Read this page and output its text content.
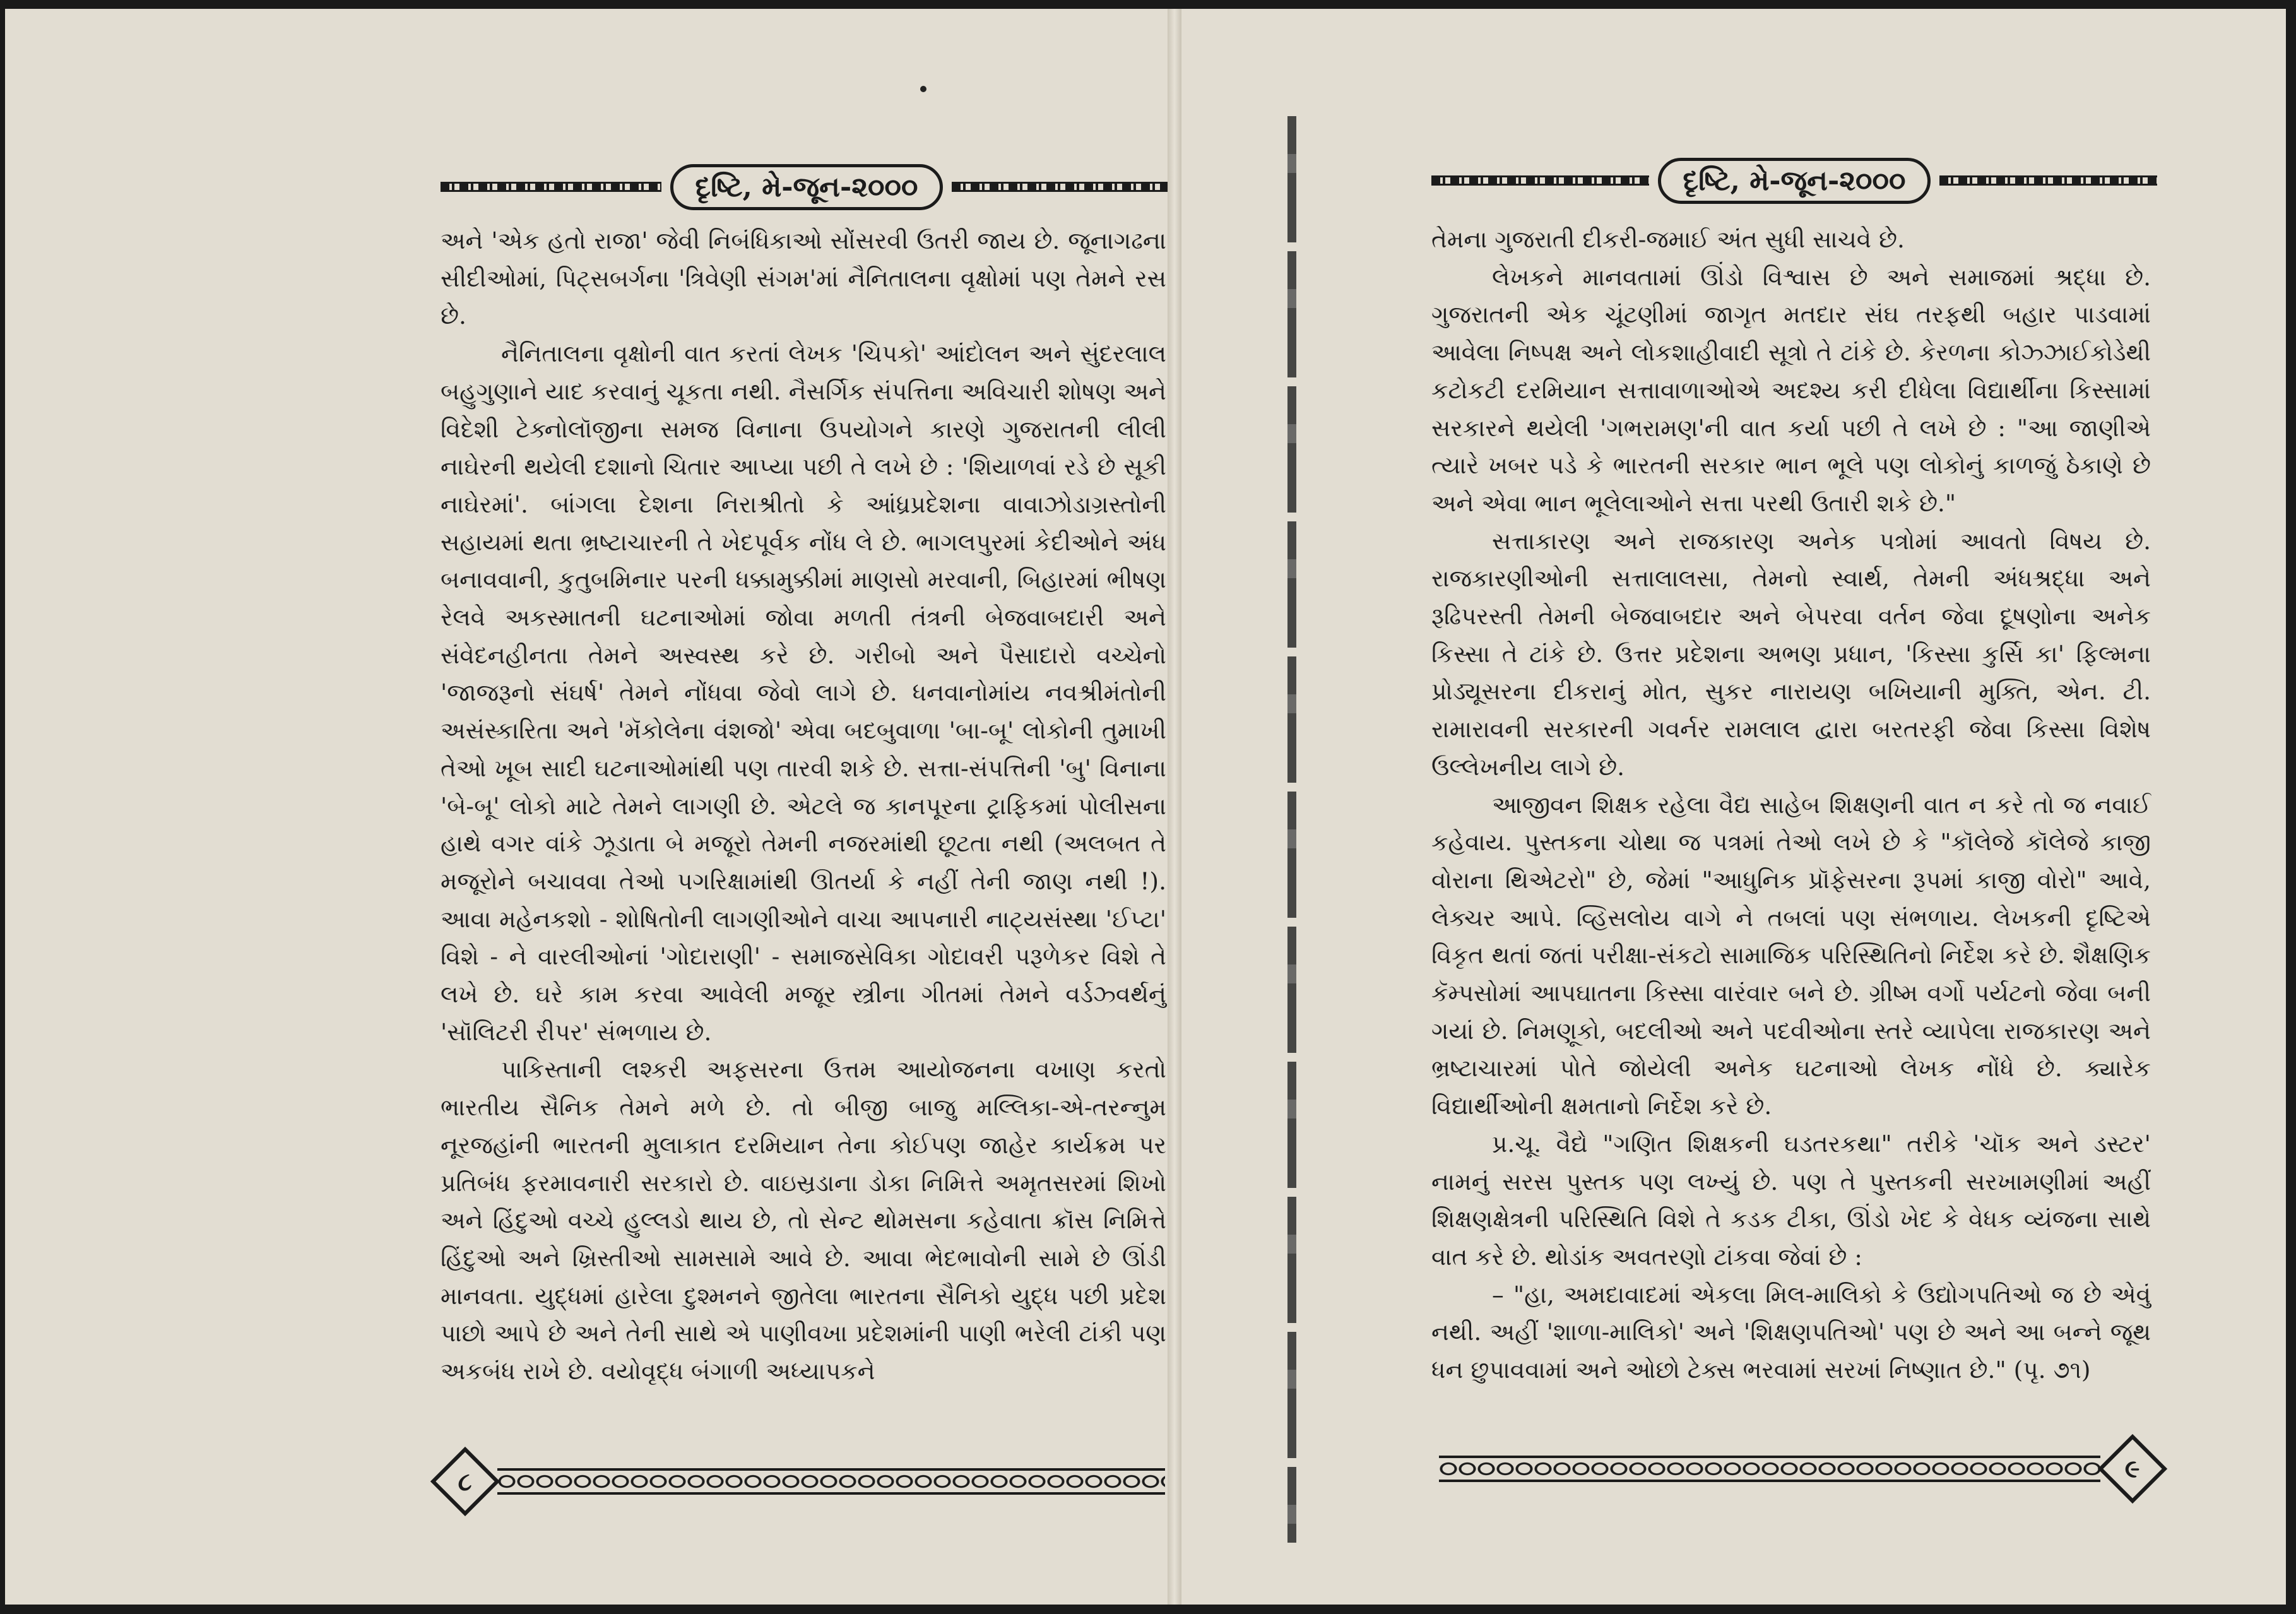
દૃષ્ટિ, મે-જૂન-૨૦૦૦

અને 'એક હતો રાજા' જેવી નિબંધિકાઓ સોંસરવી ઉતરી જાય છે. જૂનાગઢના સીદીઓમાં, પિટ્સબર્ગના 'ત્રિવેણી સંગમ'માં નૈનિતાલના વૃક્ષોમાં પણ તેમને રસ છે.

નૈનિતાલના વૃક્ષોની વાત કરતાં લેખક 'ચિપકો' આંદોલન અને સુંદરલાલ બહુગુણાને યાદ કરવાનું ચૂકતા નથી. નૈસર્ગિક સંપત્તિના અવિચારી શોષણ અને વિદેશી ટેક્નોલૉજીના સમજ વિનાના ઉપયોગને કારણે ગુજરાતની લીલી નાઘેરની થયેલી દશાનો ચિતાર આપ્યા પછી તે લખે છે : 'શિયાળવાં રડે છે સૂકી નાઘેરમાં'. બાંગલા દેશના નિરાશ્રીતો કે આંધ્રપ્રદેશના વાવાઝોડાગ્રસ્તોની સહાયમાં થતા ભ્રષ્ટાચારની તે ખેદપૂર્વક નોંધ લે છે. ભાગલપુરમાં કેદીઓને અંધ બનાવવાની, કુતુબમિનાર પરની ધક્કામુક્કીમાં માણસો મરવાની, બિહારમાં ભીષણ રેલવે અકસ્માતની ઘટનાઓમાં જોવા મળતી તંત્રની બેજવાબદારી અને સંવેદનહીનતા તેમને અસ્વસ્થ કરે છે. ગરીબો અને પૈસાદારો વચ્ચેનો 'જાજરૂનો સંઘર્ષ' તેમને નોંધવા જેવો લાગે છે. ધનવાનોમાંય નવશ્રીમંતોની અસંસ્કારિતા અને 'મૅકોલેના વંશજો' એવા બદબુવાળા 'બા-બૂ' લોકોની તુમાખી તેઓ ખૂબ સાદી ઘટનાઓમાંથી પણ તારવી શકે છે. સત્તા-સંપત્તિની 'બુ' વિનાના 'બે-બૂ' લોકો માટે તેમને લાગણી છે. એટલે જ કાનપૂરના ટ્રાફિકમાં પોલીસના હાથે વગર વાંકે ઝૂડાતા બે મજૂરો તેમની નજરમાંથી છૂટતા નથી (અલબત તે મજૂરોને બચાવવા તેઓ પગરિક્ષામાંથી ઊતર્યા કે નહીં તેની જાણ નથી !). આવા મહેનકશો - શોષિતોની લાગણીઓને વાચા આપનારી નાટ્યસંસ્થા 'ઈપ્ટા' વિશે - ને વારલીઓનાં 'ગોદારાણી' - સમાજસેવિકા ગોદાવરી પરૂળેકર વિશે તે લખે છે. ઘરે કામ કરવા આવેલી મજૂર સ્ત્રીના ગીતમાં તેમને વર્ડઝ્વર્થનું 'સૉલિટરી રીપર' સંભળાય છે.

પાકિસ્તાની લશ્કરી અફસરના ઉત્તમ આયોજનના વખાણ કરતો ભારતીય સૈનિક તેમને મળે છે. તો બીજી બાજુ મલ્લિકા-એ-તરન્નુમ નૂરજહાંની ભારતની મુલાકાત દરમિયાન તેના કોઈપણ જાહેર કાર્યક્રમ પર પ્રતિબંધ ફરમાવનારી સરકારો છે. વાઇસ્રડાના ડોકા નિમિત્તે અમૃતસરમાં શિખો અને હિંદુઓ વચ્ચે હુલ્લડો થાય છે, તો સેન્ટ થોમસના કહેવાતા ક્રૉસ નિમિત્તે હિંદુઓ અને ખ્રિસ્તીઓ સામસામે આવે છે. આવા ભેદભાવોની સામે છે ઊંડી માનવતા. યુદ્ધમાં હારેલા દુશ્મનને જીતેલા ભારતના સૈનિકો યુદ્ધ પછી પ્રદેશ પાછો આપે છે અને તેની સાથે એ પાણીવખા પ્રદેશમાંની પાણી ભરેલી ટાંકી પણ અકબંધ રાખે છે. વયોવૃદ્ધ બંગાળી અધ્યાપકને

૮
દૃષ્ટિ, મે-જૂન-૨૦૦૦

તેમના ગુજરાતી દીકરી-જમાઈ અંત સુધી સાચવે છે.

લેખકને માનવતામાં ઊંડો વિશ્વાસ છે અને સમાજમાં શ્રદ્ધા છે. ગુજરાતની એક ચૂંટણીમાં જાગૃત મતદાર સંઘ તરફથી બહાર પાડવામાં આવેલા નિષ્પક્ષ અને લોકશાહીવાદી સૂત્રો તે ટાંકે છે. કેરળના કોઝ્ઝાઈકોડેથી કટોકટી દરમિયાન સત્તાવાળાઓએ અદશ્ય કરી દીધેલા વિદ્યાર્થીના કિસ્સામાં સરકારને થયેલી 'ગભરામણ'ની વાત કર્યા પછી તે લખે છે : "આ જાણીએ ત્યારે ખબર પડે કે ભારતની સરકાર ભાન ભૂલે પણ લોકોનું કાળજું ઠેકાણે છે અને એવા ભાન ભૂલેલાઓને સત્તા પરથી ઉતારી શકે છે."

સત્તાકારણ અને રાજકારણ અનેક પત્રોમાં આવતો વિષય છે. રાજકારણીઓની સત્તાલાલસા, તેમનો સ્વાર્થ, તેમની અંધશ્રદ્ધા અને રૂઢિપરસ્તી તેમની બેજવાબદાર અને બેપરવા વર્તન જેવા દૂષણોના અનેક કિસ્સા તે ટાંકે છે. ઉત્તર પ્રદેશના અભણ પ્રધાન, 'કિસ્સા કુર્સિ કા' ફિલ્મના પ્રોડ્યૂસરના દીકરાનું મોત, સુકર નારાયણ બખિયાની મુક્તિ, એન. ટી. રામારાવની સરકારની ગવર્નર રામલાલ દ્વારા બરતરફી જેવા કિસ્સા વિશેષ ઉલ્લેખનીય લાગે છે.

આજીવન શિક્ષક રહેલા વૈદ્ય સાહેબ શિક્ષણની વાત ન કરે તો જ નવાઈ કહેવાય. પુસ્તકના ચોથા જ પત્રમાં તેઓ લખે છે કે "કૉલેજે કૉલેજે કાજી વોરાના થિએટરો" છે, જેમાં "આધુનિક પ્રૉફેસરના રૂપમાં કાજી વોરો" આવે, લેક્ચર આપે. વ્હિસલોય વાગે ને તબલાં પણ સંભળાય. લેખકની દૃષ્ટિએ વિકૃત થતાં જતાં પરીક્ષા-સંકટો સામાજિક પરિસ્થિતિનો નિર્દેશ કરે છે. શૈક્ષણિક કૅમ્પસોમાં આપઘાતના કિસ્સા વારંવાર બને છે. ગ્રીષ્મ વર્ગો પર્યટનો જેવા બની ગયાં છે. નિમણૂકો, બદલીઓ અને પદવીઓના સ્તરે વ્યાપેલા રાજકારણ અને ભ્રષ્ટાચારમાં પોતે જોયેલી અનેક ઘટનાઓ લેખક નોંધે છે. ક્યારેક વિદ્યાર્થીઓની ક્ષમતાનો નિર્દેશ કરે છે.

પ્ર.ચૂ. વૈદ્યે "ગણિત શિક્ષકની ઘડતરકથા" તરીકે 'ચૉક અને ડસ્ટર' નામનું સરસ પુસ્તક પણ લખ્યું છે. પણ તે પુસ્તકની સરખામણીમાં અહીં શિક્ષણક્ષેત્રની પરિસ્થિતિ વિશે તે કડક ટીકા, ઊંડો ખેદ કે વેધક વ્યંજના સાથે વાત કરે છે. થોડાંક અવતરણો ટાંકવા જેવાં છે :

– "હા, અમદાવાદમાં એકલા મિલ-માલિકો કે ઉદ્યોગપતિઓ જ છે એવું નથી. અહીં 'શાળા-માલિકો' અને 'શિક્ષણપતિઓ' પણ છે અને આ બન્ને જૂથ ધન છુપાવવામાં અને ઓછો ટેક્સ ભરવામાં સરખાં નિષ્ણાત છે." (પૃ. ૭૧)

૯
